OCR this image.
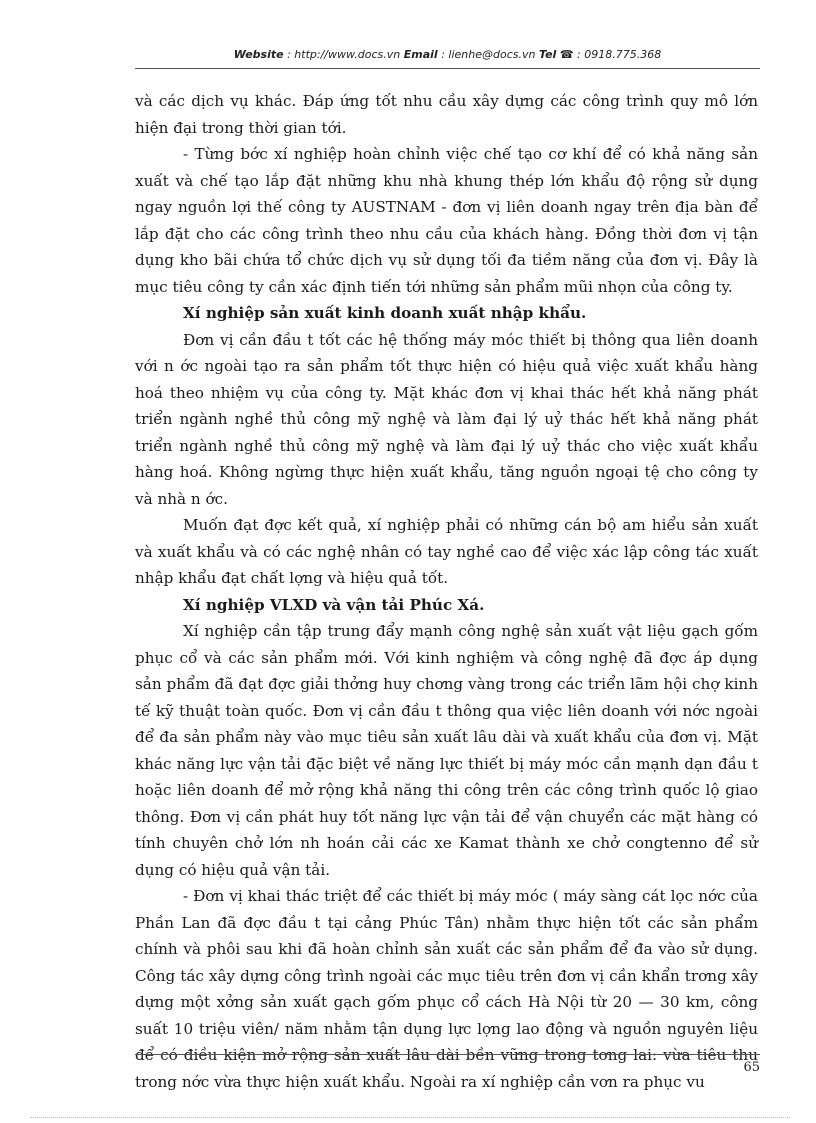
Website : http://www.docs.vn Email : lienhe@docs.vn Tel ☎ : 0918.775.368

và các dịch vụ khác. Đáp ứng tốt nhu cầu xây dựng các công trình quy mô lớn hiện đại trong thời gian tới.

- Từng bớc xí nghiệp hoàn chỉnh việc chế tạo cơ khí để có khả năng sản xuất và chế tạo lắp đặt những khu nhà khung thép lớn khẩu độ rộng sử dụng ngay nguồn lợi thế công ty AUSTNAM - đơn vị liên doanh ngay trên địa bàn để lắp đặt cho các công trình theo nhu cầu của khách hàng. Đồng thời đơn vị tận dụng kho bãi chứa tổ chức dịch vụ sử dụng tối đa tiềm năng của đơn vị. Đây là mục tiêu công ty cần xác định tiến tới những sản phẩm mũi nhọn của công ty.

Xí nghiệp sản xuất kinh doanh xuất nhập khẩu.

Đơn vị cần đầu t tốt các hệ thống máy móc thiết bị thông qua liên doanh với n ớc ngoài tạo ra sản phẩm tốt thực hiện có hiệu quả việc xuất khẩu hàng hoá theo nhiệm vụ của công ty. Mặt khác đơn vị khai thác hết khả năng phát triển ngành nghề thủ công mỹ nghệ và làm đại lý uỷ thác hết khả năng phát triển ngành nghề thủ công mỹ nghệ và làm đại lý uỷ thác cho việc xuất khẩu hàng hoá. Không ngừng thực hiện xuất khẩu, tăng nguồn ngoại tệ cho công ty và nhà n ớc.

Muốn đạt đợc kết quả, xí nghiệp phải có những cán bộ am hiểu sản xuất và xuất khẩu và có các nghệ nhân có tay nghề cao để việc xác lập công tác xuất nhập khẩu đạt chất lợng và hiệu quả tốt.

Xí nghiệp VLXD và vận tải Phúc Xá.

Xí nghiệp cần tập trung đẩy mạnh công nghệ sản xuất vật liệu gạch gốm phục cổ và các sản phẩm mới. Với kinh nghiệm và công nghệ đã đợc áp dụng sản phẩm đã đạt đợc giải thởng huy chơng vàng trong các triển lãm hội chợ kinh tế kỹ thuật toàn quốc. Đơn vị cần đầu t thông qua việc liên doanh với nớc ngoài để đa sản phẩm này vào mục tiêu sản xuất lâu dài và xuất khẩu của đơn vị. Mặt khác năng lực vận tải đặc biệt về năng lực thiết bị máy móc cần mạnh dạn đầu t hoặc liên doanh để mở rộng khả năng thi công trên các công trình quốc lộ giao thông. Đơn vị cần phát huy tốt năng lực vận tải để vận chuyển các mặt hàng có tính chuyên chở lớn nh hoán cải các xe Kamat thành xe chở congtenno để sử dụng có hiệu quả vận tải.

- Đơn vị khai thác triệt để các thiết bị máy móc ( máy sàng cát lọc nớc của Phần Lan đã đợc đầu t tại cảng Phúc Tân) nhằm thực hiện tốt các sản phẩm chính và phôi sau khi đã hoàn chỉnh sản xuất các sản phẩm để đa vào sử dụng. Công tác xây dựng công trình ngoài các mục tiêu trên đơn vị cần khẩn trơng xây dựng một xởng sản xuất gạch gốm phục cổ cách Hà Nội từ 20 — 30 km, công suất 10 triệu viên/ năm nhằm tận dụng lực lợng lao động và nguồn nguyên liệu để có điều kiện mở rộng sản xuất lâu dài bền vững trong tơng lai: vừa tiêu thu trong nớc vừa thực hiện xuất khẩu. Ngoài ra xí nghiệp cần vơn ra phục vu

65
